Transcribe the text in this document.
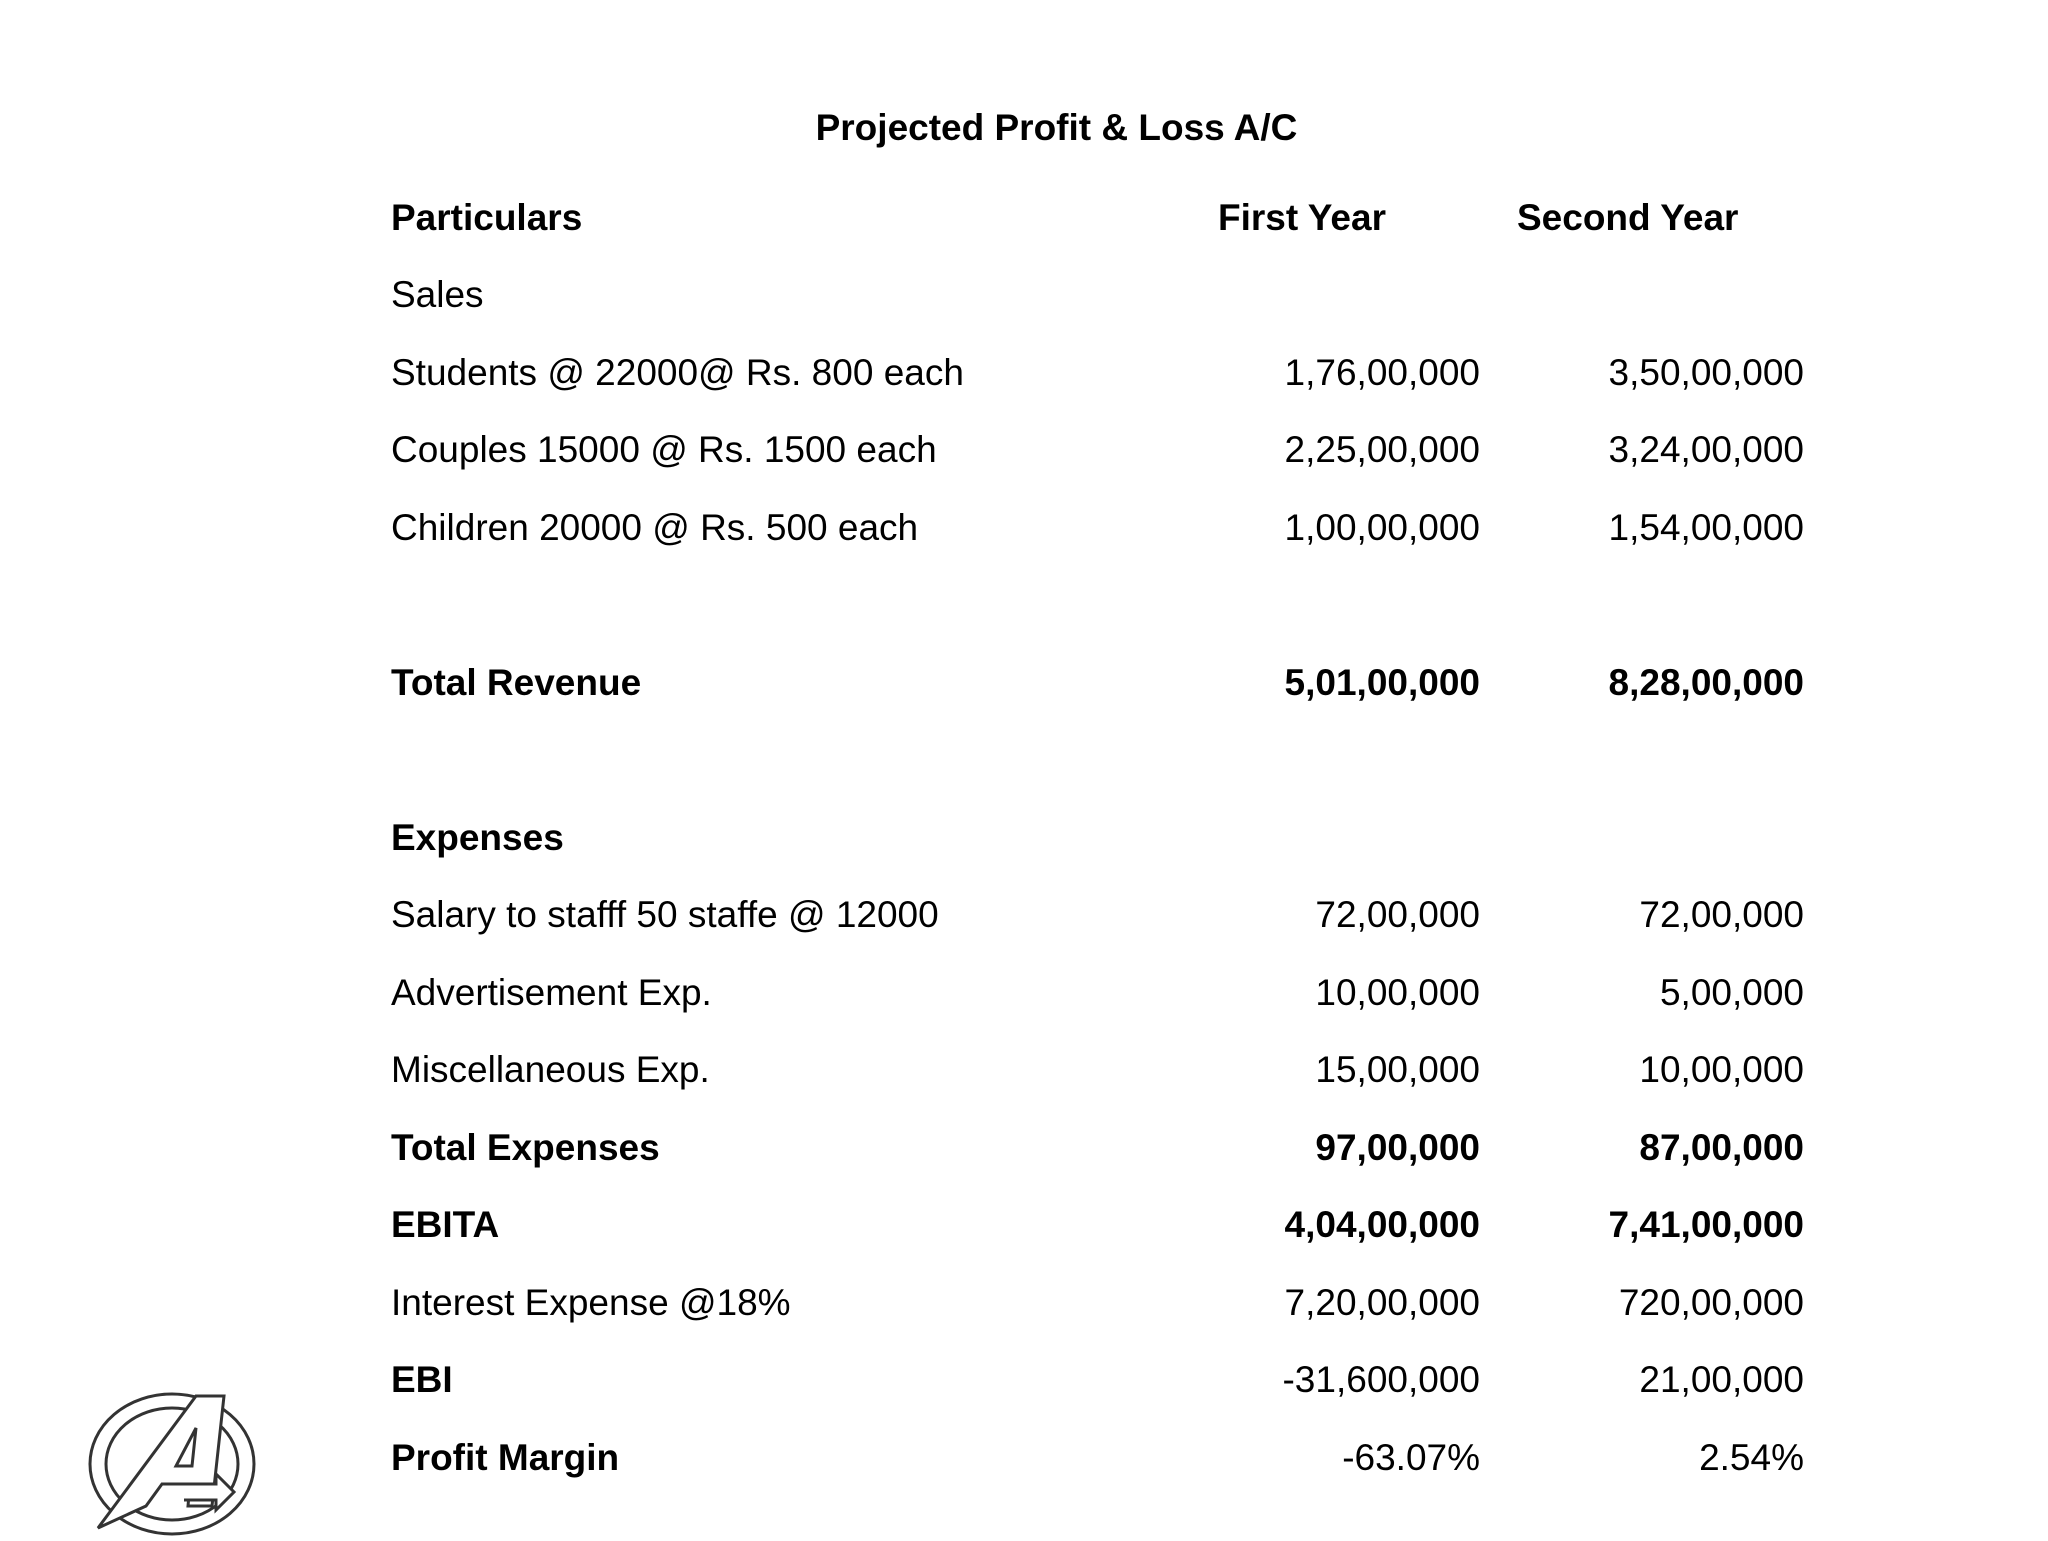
Projected Profit & Loss A/C
Particulars	First Year	Second Year
Sales		
Students @ 22000@ Rs. 800 each	1,76,00,000	3,50,00,000
Couples 15000 @ Rs. 1500 each	2,25,00,000	3,24,00,000
Children 20000 @ Rs. 500 each	1,00,00,000	1,54,00,000

Total Revenue	5,01,00,000	8,28,00,000

Expenses		
Salary to stafff 50 staffe @ 12000	72,00,000	72,00,000
Advertisement Exp.	10,00,000	5,00,000
Miscellaneous Exp.	15,00,000	10,00,000
Total Expenses	97,00,000	87,00,000
EBITA	4,04,00,000	7,41,00,000
Interest Expense @18%	7,20,00,000	720,00,000
EBI	-31,600,000	21,00,000
Profit Margin	-63.07%	2.54%
